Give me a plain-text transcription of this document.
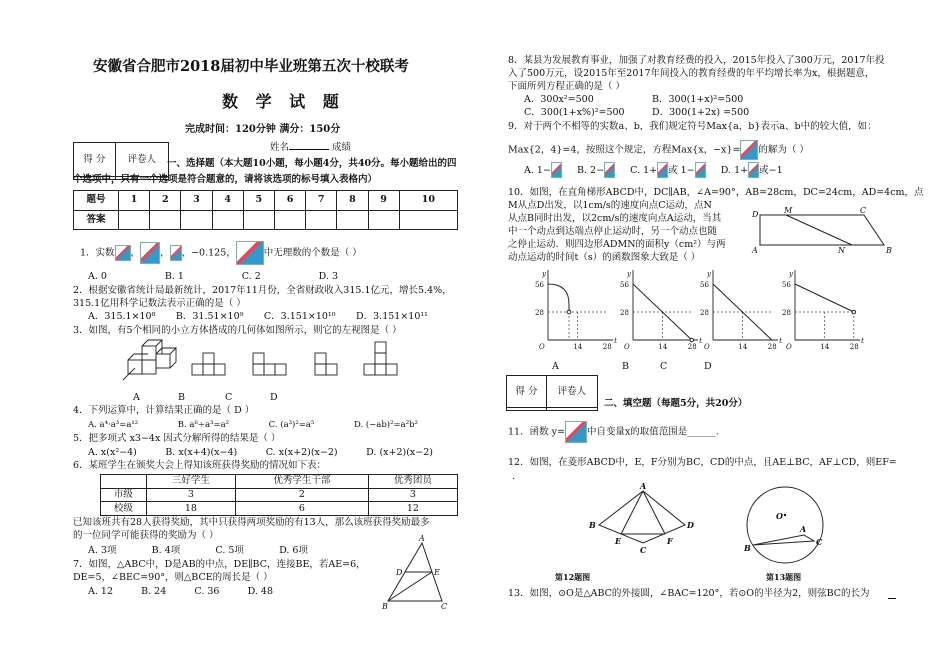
安徽省合肥市2018届初中毕业班第五次十校联考
数 学 试 题
完成时间：120分钟 满分：150分
得 分	评卷人

姓名	成绩
一、选择题（本大题10小题，每小题4分，共40分。每小题给出的四
个选项中，只有一个选项是符合题意的，请将该选项的标号填入表格内）
题号	1	2	3	4	5	6	7	8	9	10
答案										
1．实数 ， ， ，−0.125，	中无理数的个数是（ ）
A. 0	B. 1	C. 2	D. 3
2．根据安徽省统计局最新统计，2017年11月份，全省财政收入315.1亿元，增长5.4%，
315.1亿用科学记数法表示正确的是（ ）
A．315.1×10⁸ B．31.51×10⁹ C．3.151×10¹⁰ D．3.151×10¹¹
3．如图，有5个相同的小立方体搭成的几何体如图所示，则它的左视图是（ ）
A	B	C	D
4．下列运算中，计算结果正确的是（ D ）
A. a⁴·a³=a¹²	B. a⁶÷a³=a²	C. (a³)²=a⁵	D. (−ab)²=a²b²
5．把多项式 x3−4x 因式分解所得的结果是（ ）
A. x(x²−4)	B. x(x+4)(x−4)	C. x(x+2)(x−2)	D. (x+2)(x−2)
6．某班学生在颁奖大会上得知该班获得奖励的情况如下表：
	三好学生	优秀学生干部	优秀团员
市级	3	2	3
校级	18	6	12
已知该班共有28人获得奖励，其中只获得两项奖励的有13人，那么该班获得奖励最多
的一位同学可能获得的奖励为（ ）
A. 3项	B. 4项	C. 5项	D. 6项
7．如图，△ABC中，D是AB的中点，DE∥BC，连接BE，若AE=6，
DE=5，∠BEC=90°，则△BCE的周长是（ ）
A. 12	B. 24	C. 36	D. 48
A
D	E
B	C
8．某县为发展教育事业，加强了对教育经费的投入，2015年投入了300万元，2017年投
入了500万元，设2015年至2017年间投入的教育经费的年平均增长率为x，根据题意，
下面所列方程正确的是（ ）
A．300x²=500	B．300(1+x)²=500
C．300(1+x%)²=500	D．300(1+2x) =500
9．对于两个不相等的实数a、b，我们规定符号Max{a，b}表示a、b中的较大值，如：
Max{2，4}=4，按照这个规定，方程Max{x，−x}= 的解为（ ）
A. 1−	B. 2−	C. 1+ 或 1−	D. 1+ 或−1
10．如图，在直角梯形ABCD中，DC∥AB，∠A=90°，AB=28cm，DC=24cm，AD=4cm，点
M从点D出发，以1cm/s的速度向点C运动，点N
从点B同时出发，以2cm/s的速度向点A运动，当其
中一个动点到达端点停止运动时，另一个动点也随
之停止运动．则四边形ADMN的面积y（cm²）与两
动点运动的时间t（s）的函数图象大致是（ ）
D	M	C
A	N	B
y
t
O
56
28
14	28
y
t
O
56
28
14	28
y
t
O
56
28
14	28
y
t
O
56
28
14	28
A	B	C	D
得 分	评卷人

二、填空题（每题5分，共20分）
11．函数 y= 中自变量x的取值范围是______.
12．如图，在菱形ABCD中，E，F分别为BC，CD的中点，且AE⊥BC，AF⊥CD，则EF=
.
A
B
E
C
F
D
第12题图
O
A
B
C
第13题图
13．如图，⊙O是△ABC的外接圆，∠BAC=120°，若⊙O的半径为2，则弦BC的长为
